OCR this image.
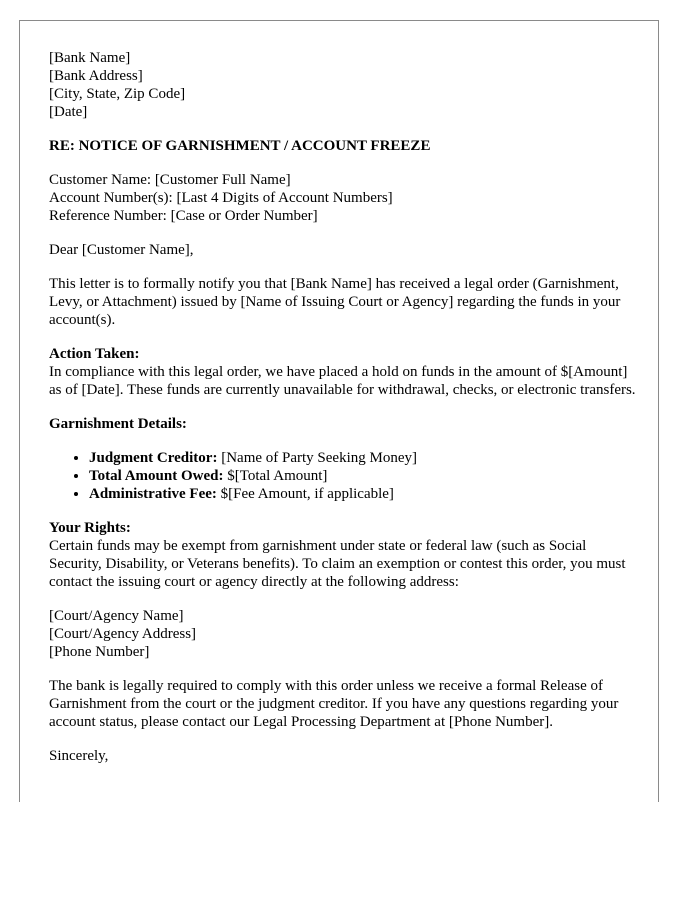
[Bank Name]
[Bank Address]
[City, State, Zip Code]
[Date]
RE: NOTICE OF GARNISHMENT / ACCOUNT FREEZE
Customer Name: [Customer Full Name]
Account Number(s): [Last 4 Digits of Account Numbers]
Reference Number: [Case or Order Number]

Dear [Customer Name],

This letter is to formally notify you that [Bank Name] has received a legal order (Garnishment, Levy, or Attachment) issued by [Name of Issuing Court or Agency] regarding the funds in your account(s).

Action Taken:
In compliance with this legal order, we have placed a hold on funds in the amount of $[Amount] as of [Date]. These funds are currently unavailable for withdrawal, checks, or electronic transfers.
Garnishment Details:
• Judgment Creditor: [Name of Party Seeking Money]
• Total Amount Owed: $[Total Amount]
• Administrative Fee: $[Fee Amount, if applicable]
Your Rights:
Certain funds may be exempt from garnishment under state or federal law (such as Social Security, Disability, or Veterans benefits). To claim an exemption or contest this order, you must contact the issuing court or agency directly at the following address:
[Court/Agency Name]
[Court/Agency Address]
[Phone Number]

The bank is legally required to comply with this order unless we receive a formal Release of Garnishment from the court or the judgment creditor. If you have any questions regarding your account status, please contact our Legal Processing Department at [Phone Number].

Sincerely,
